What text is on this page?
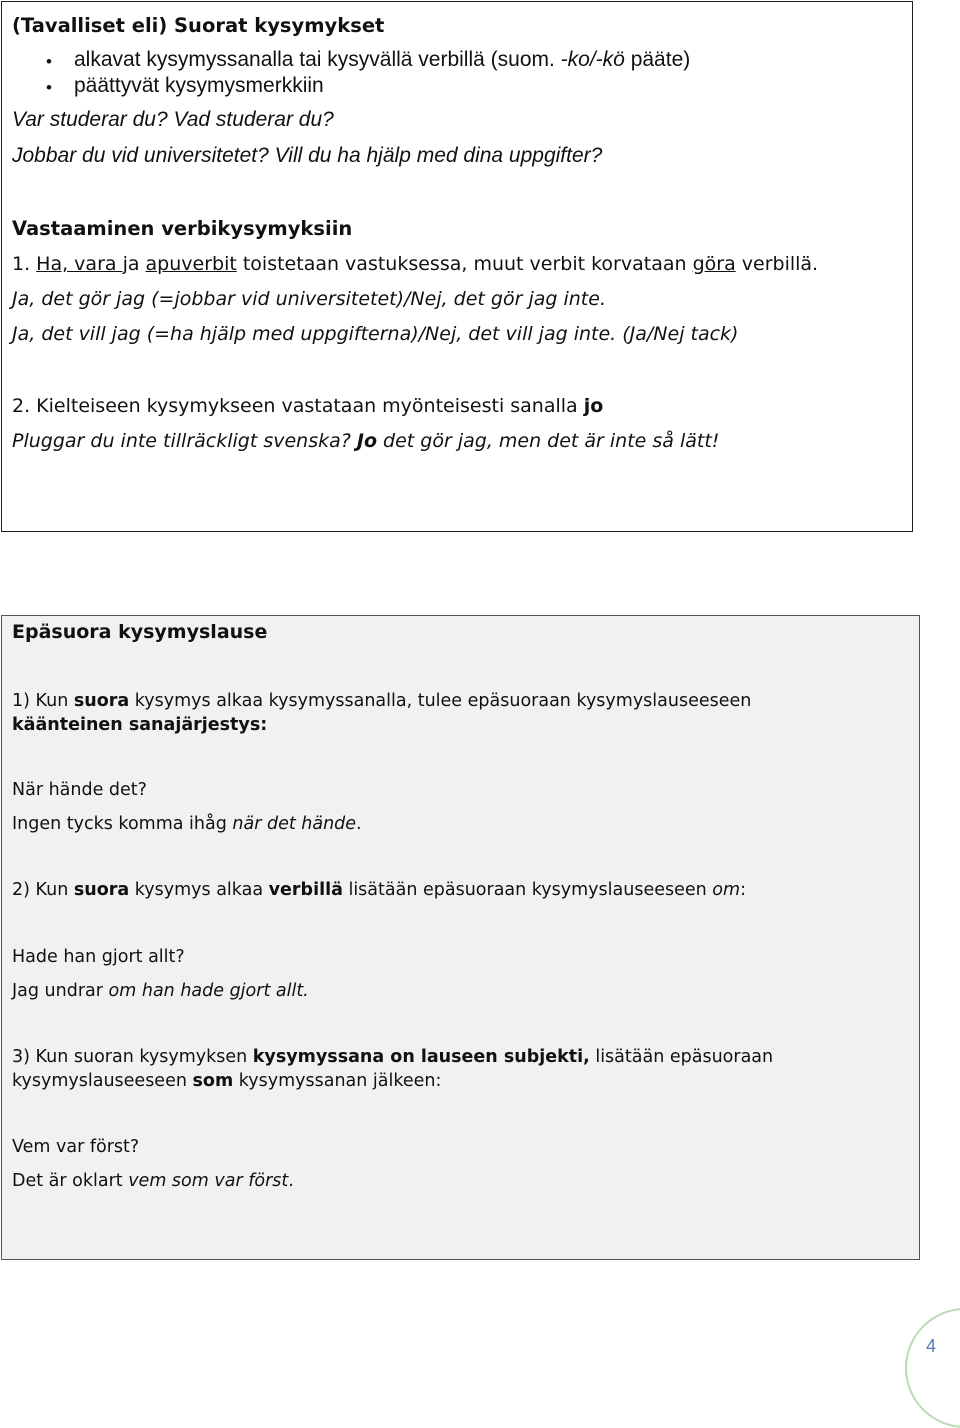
(Tavalliset eli) Suorat kysymykset
• alkavat kysymyssanalla tai kysyvällä verbillä (suom. -ko/-kö pääte)
• päättyvät kysymysmerkkiin
Var studerar du? Vad studerar du?
Jobbar du vid universitetet? Vill du ha hjälp med dina uppgifter?
Vastaaminen verbikysymyksiin
1. Ha, vara ja apuverbit toistetaan vastuksessa, muut verbit korvataan göra verbillä.
Ja, det gör jag (=jobbar vid universitetet)/Nej, det gör jag inte.
Ja, det vill jag (=ha hjälp med uppgifterna)/Nej, det vill jag inte. (Ja/Nej tack)
2. Kielteiseen kysymykseen vastataan myönteisesti sanalla jo
Pluggar du inte tillräckligt svenska? Jo det gör jag, men det är inte så lätt!
Epäsuora kysymyslause
1) Kun suora kysymys alkaa kysymyssanalla, tulee epäsuoraan kysymyslauseeseen
käänteinen sanajärjestys:
När hände det?
Ingen tycks komma ihåg när det hände.
2) Kun suora kysymys alkaa verbillä lisätään epäsuoraan kysymyslauseeseen om:
Hade han gjort allt?
Jag undrar om han hade gjort allt.
3) Kun suoran kysymyksen kysymyssana on lauseen subjekti, lisätään epäsuoraan
kysymyslauseeseen som kysymyssanan jälkeen:
Vem var först?
Det är oklart vem som var först.
4
